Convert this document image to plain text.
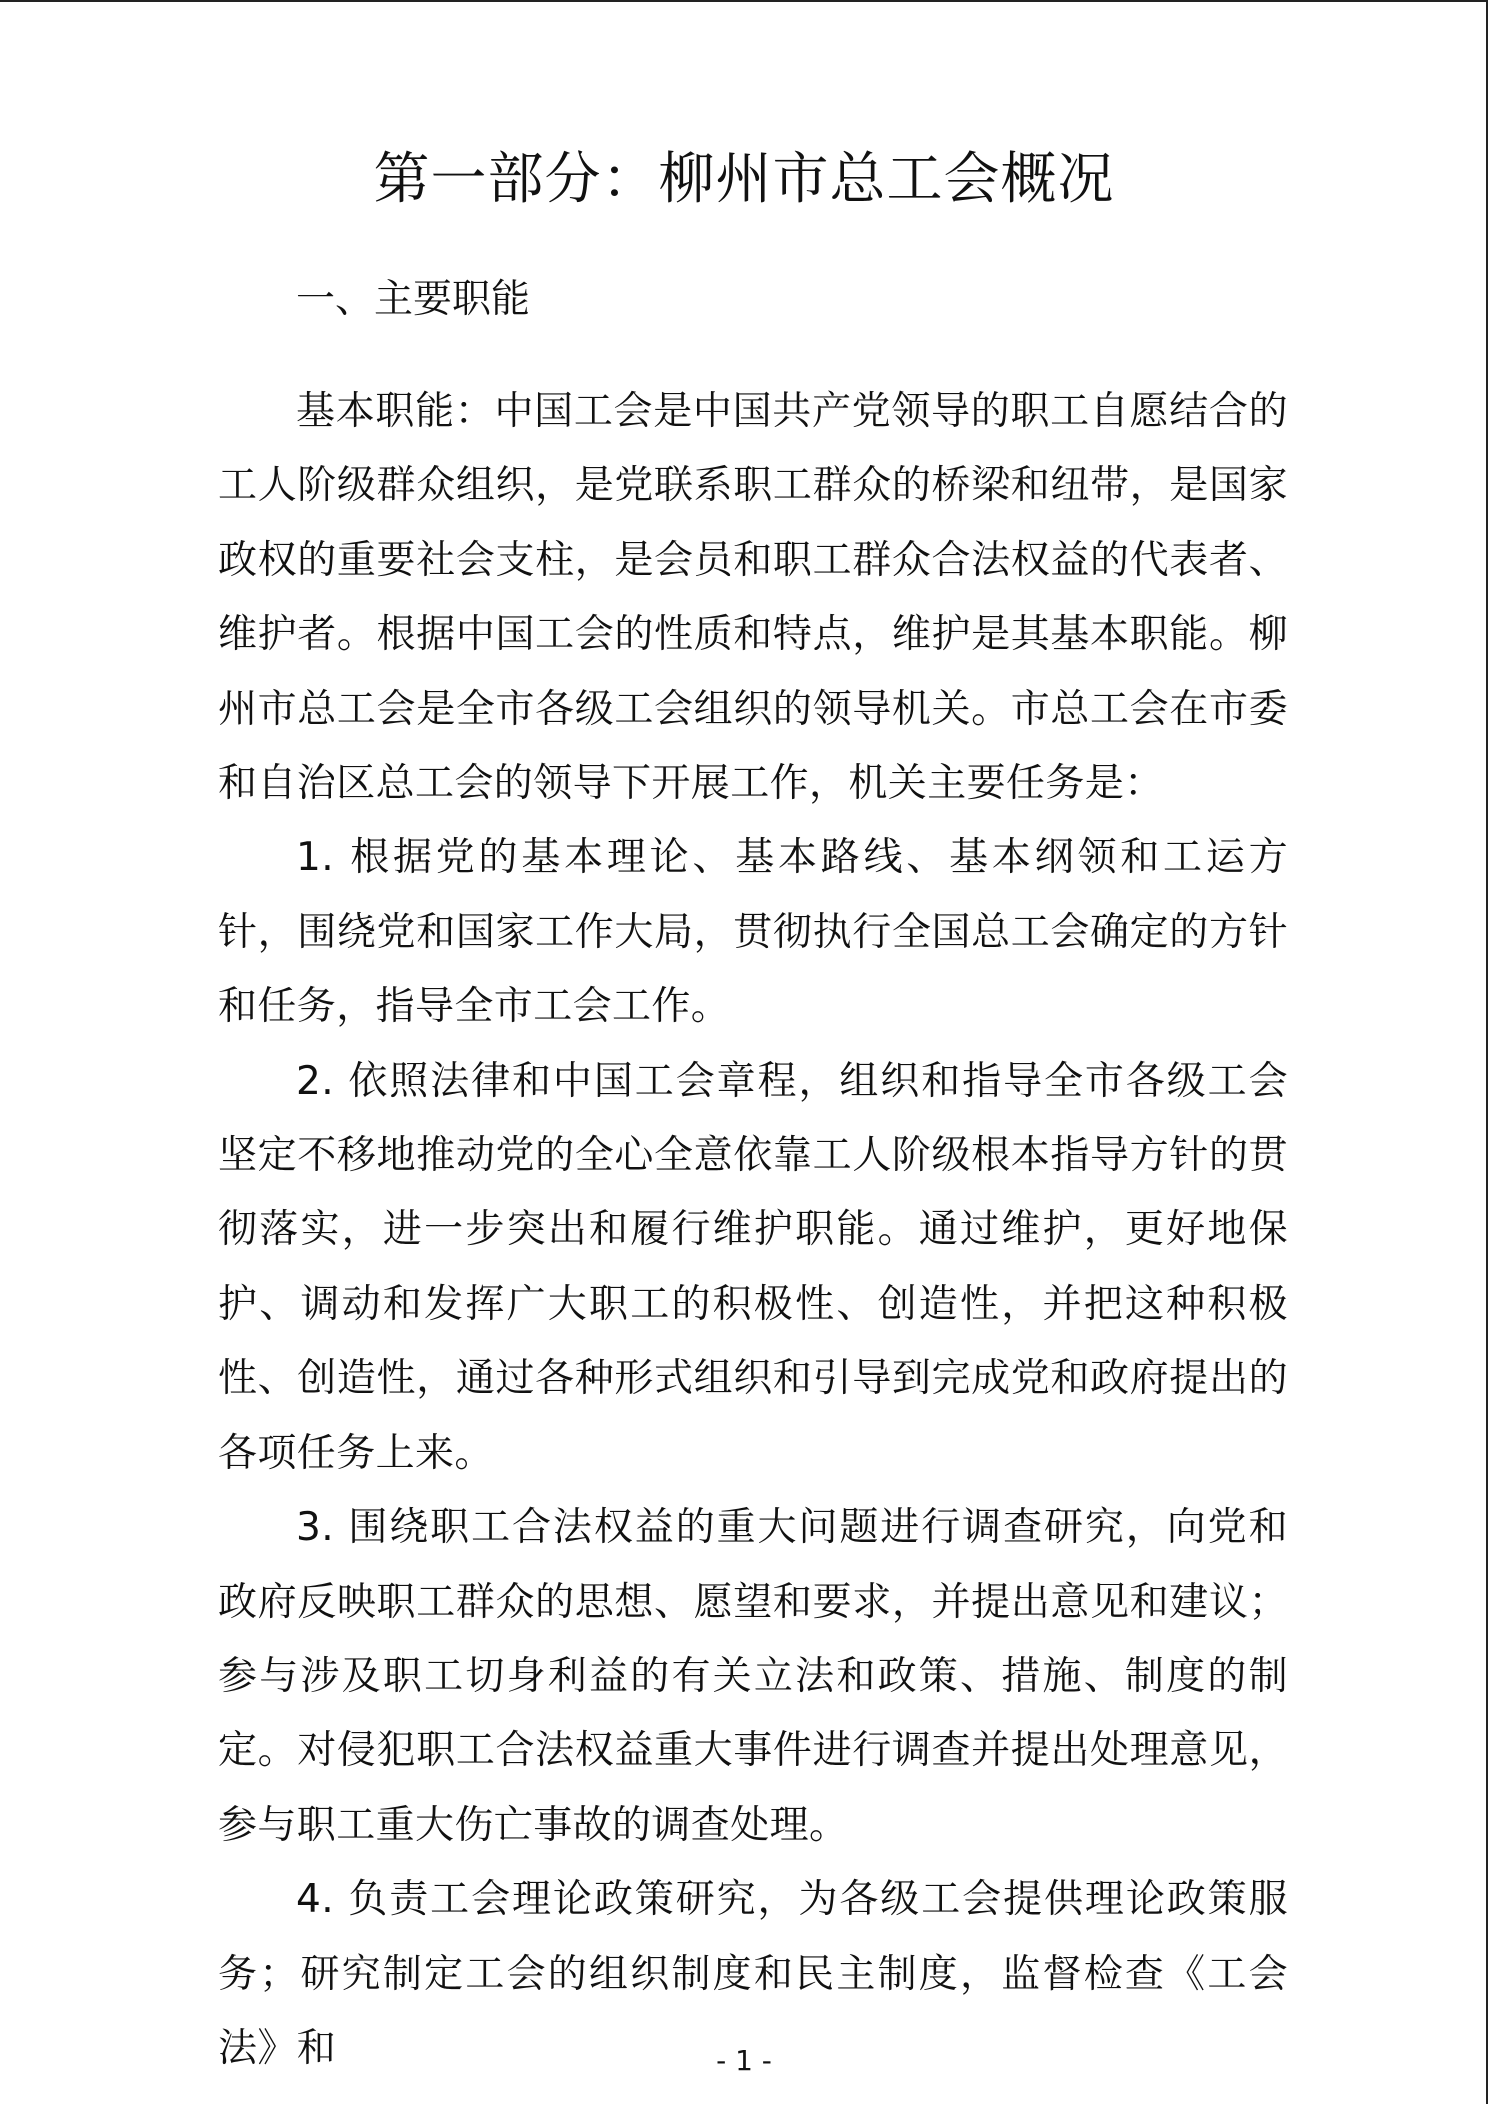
第一部分：柳州市总工会概况
一、主要职能

基本职能：中国工会是中国共产党领导的职工自愿结合的工人阶级群众组织，是党联系职工群众的桥梁和纽带，是国家政权的重要社会支柱，是会员和职工群众合法权益的代表者、维护者。根据中国工会的性质和特点，维护是其基本职能。柳州市总工会是全市各级工会组织的领导机关。市总工会在市委和自治区总工会的领导下开展工作，机关主要任务是：

1. 根据党的基本理论、基本路线、基本纲领和工运方针，围绕党和国家工作大局，贯彻执行全国总工会确定的方针和任务，指导全市工会工作。

2. 依照法律和中国工会章程，组织和指导全市各级工会坚定不移地推动党的全心全意依靠工人阶级根本指导方针的贯彻落实，进一步突出和履行维护职能。通过维护，更好地保护、调动和发挥广大职工的积极性、创造性，并把这种积极性、创造性，通过各种形式组织和引导到完成党和政府提出的各项任务上来。

3. 围绕职工合法权益的重大问题进行调查研究，向党和政府反映职工群众的思想、愿望和要求，并提出意见和建议；参与涉及职工切身利益的有关立法和政策、措施、制度的制定。对侵犯职工合法权益重大事件进行调查并提出处理意见，参与职工重大伤亡事故的调查处理。

4. 负责工会理论政策研究，为各级工会提供理论政策服务；研究制定工会的组织制度和民主制度，监督检查《工会法》和	- 1 -
